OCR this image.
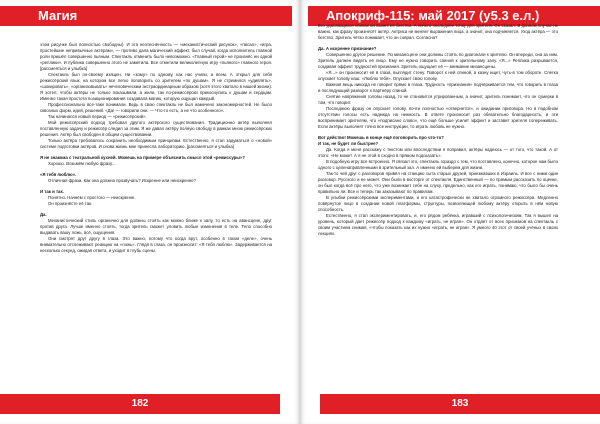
Магия

этом рисунке был полностью свободны). И эта неотеснённость — «механистический рисунок», «писал», «игра, простейшие непривычные актёрам», — противо дала магический эффект, был случай, когда исполнитель главной роли пришёл совершенно пьяным. Спектакль отменить было невозможно. «Главный герой» не произнёс ни одной «реплики». И публика совершенно этого не заметила. Все отметили великолепную игру «пьяного» главного героя. [рассмеяться и улыбка]

Спектакль был по-своему изящен. Ни «кому» по одному, как нас учили, а всем. А открыл для себя режиссёрский язык, на котором все легко поговорить со зрителем «по душам». Я не стремился «удивлять», «шокировать», «организовывать» нечеловеческим экстраординарным образом (хотя этого хватало в нашей жизни). Я хотел, чтобы актёры не только показывали, а жили, так по-режиссёрски прикоснулись к душам и сердцам. Именно такая простота позиционирования создавала магию, которую ощущал каждый.

Профессионально все-таки понимали. Ведь в свою спектакль не был намечено закономерностей. Не было сквозных форм, идей, решений. «Да! — говорили они. — Что-то есть, а не что особенного».

Так начинался новый период — «режиссёрский».

Мой режиссёрский подход требовал другого актёрского существования. Традиционно актёр выполнял поставленную задачу и режиссёр следил за этим. Я же давал актёру полную свободу в рамках мною режиссёрских решения. Актёр был свободен в общем существовании.

Только актёра требовалось сохранить необходимым принципам. Естественно, я стал задуматься о «новой» системе подготовки актёров. И снова жизнь мне принесла лабораторию. [рассмеяться и улыбка]

Я не знакома с театральной кухней. Можешь на примере объяснить смысл этой «режиссуры»?

Хорошо. Возьмём любую фразу...

«Я тебя люблю».

Отличная фраза. Как она должна прозвучать? Искренне или неискренне?

И так и так.

Понятно. Начнём с простого — неискренне.

Он произнёсте её так.

Да.

Механистический стиль органично для должны стоять как можно ближе к залу, то есть на авансцене, друг против друга. Лучше именно стоять, тогда зритель сможет уловить любые изменения в теле. Тело способно выдавать вашу ложь, всё, ощущения.

Они смотрят друг другу в глаза. Это важно, потому что когда врут, особенно в таком «деле», очень внимательно отслеживают реакцию на «ложь». Глядя в глаза, он произносит: «Я тебя люблю». Задерживается на несколько секунд, ожидая ответа, и уходит в глубь сцены.

182
Апокриф-115: май 2017 (у5.3 е.л.)

Его удаляющихся спинах он вынес её бегство. А ничего последнее точку для зрителя. Он сказал. В данном случае не важно, как фразу произнесёт актёр. Актриса не меняет выражения лица, а значит, она подчиняется. Уход актёра — это бегство. Зритель чётко понимает, что он соврал. Согласна?

Да. А искренне признание?

Совершенно другое решение. По мизансцене они должны стоять по диагонали к зрителю. Он впереди, она за ним. Зритель должен видеть её лицо. Ему не нужно говорить спиной к зрительному залу. «Я...» Реплика разрывается, создавая эффект трудностей признания. Зритель ощущает её — внимание мизансцены.

«Я...» он произносит её в глаза, выглядит стену. Поворот к ней спиной, а казну ищет, чуть-в том обороте. Слегка опускает голову наш: «Люблю тебя». Опускает свою голову.

Важная вещь никогда не говорит прямо в глаза. Трудность «признания» подчёркивается тем, что говорить в глаза и последующий разворот к партнёру спиной.

Снятие напряжения головы назад, то не становится утрированным, а значит, зритель понимает, что он сумерки в том, что говорит.

Последнюю фразу он опускает голову, почти полностью «отвернется», и ожидании приговора. Но в подобном отсутствии голосы есть надежда на нежность. В ответе произносит раз обязательно благодарность, и эти воспринимает зрителям, что «подписано слово», что ещё больше усилит эффект и заставит зрителя сопереживать. Если актёры выполнят точно все инструкции, то играть любовь не нужно.

Вот действо! Можешь в конце ещё поговорить про что-то?

И так, не будет ли быстрее?

Да. Когда я меня расскажу с текстом или впоследствии я поправил, актёры надеюсь — от того, что такой. А от этого: «Не может. А я не этой в сходно в прямом подсказать».

В подобную игру все встроенно. Я связал это, спектакль гораздо с тем, что поставлено, конечно, которое нам было одного с целенаправленными в зрительный зал. А именно ей выберем для жизни.

Так-то чей друг с разговоров привёл на станцию сыта старых друзей, приезжавших в Израиль. И все с ними один разговор. Русского и не может. Они были в восторге от спектакля. Единственный — по прямым рассказать по оценке, он был когда всё про него, что уже возникает себе на слуху, предельно, как его играть, понимаю, что было бы очень правильно ли. Все и теперь так заказывают по правилам.

В улыбки режиссёрскими экспериментами, и его катастрофически не хватало огромного режиссёра. Медленно повёрнутое лицо в создании новой платформы, структуры, позволяющей любому актёру открыть в нём новую способность.

Естественно, я стал экспериментировать, и, его рядом ребёнка, игравший с психологическим. Так я вышел на уровень, который дает режиссёр подход к каждому «играть, не играя». Он отдаёт от всех признаков на спектакль с своим участием снимая, «чтобы показать как их нужно «играть, не играя». Я умного 40 этот от своей учёных в своих лекциях.

183
